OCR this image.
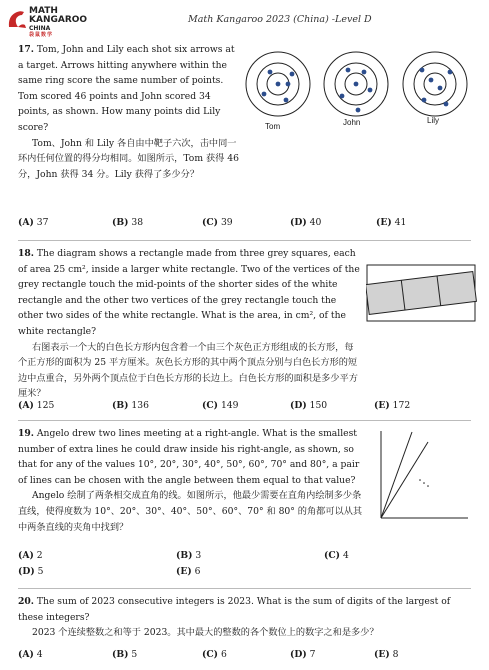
MATH
KANGAROO
CHINA
袋鼠数学
Math Kangaroo 2023 (China) -Level D

17. Tom, John and Lily each shot six arrows at a target. Arrows hitting anywhere within the same ring score the same number of points. Tom scored 46 points and John scored 34 points, as shown. How many points did Lily score?

Tom、John 和 Lily 各自由中靶子六次，击中同一环内任何位置的得分均相同。如图所示，Tom 获得 46 分，John 获得 34 分。Lily 获得了多少分？

Tom	John	Lily
(A) 37	(B) 38	(C) 39	(D) 40	(E) 41

18. The diagram shows a rectangle made from three grey squares, each of area 25 cm², inside a larger white rectangle. Two of the vertices of the grey rectangle touch the mid-points of the shorter sides of the white rectangle and the other two vertices of the grey rectangle touch the other two sides of the white rectangle. What is the area, in cm², of the white rectangle?

右图表示一个大的白色长方形内包含着一个由三个灰色正方形组成的长方形，每个正方形的面积为 25 平方厘米。灰色长方形的其中两个顶点分别与白色长方形的短边中点重合，另外两个顶点位于白色长方形的长边上。白色长方形的面积是多少平方厘米？

(A) 125	(B) 136	(C) 149	(D) 150	(E) 172

19. Angelo drew two lines meeting at a right-angle. What is the smallest number of extra lines he could draw inside his right-angle, as shown, so that for any of the values 10°, 20°, 30°, 40°, 50°, 60°, 70° and 80°, a pair of lines can be chosen with the angle between them equal to that value?

Angelo 绘制了两条相交成直角的线。如图所示，他最少需要在直角内绘制多少条直线，使得度数为 10°、20°、30°、40°、50°、60°、70° 和 80° 的角都可以从其中两条直线的夹角中找到？

(A) 2	(B) 3	(C) 4
(D) 5	(E) 6

20. The sum of 2023 consecutive integers is 2023. What is the sum of digits of the largest of these integers?

2023 个连续整数之和等于 2023。其中最大的整数的各个数位上的数字之和是多少？

(A) 4	(B) 5	(C) 6	(D) 7	(E) 8
